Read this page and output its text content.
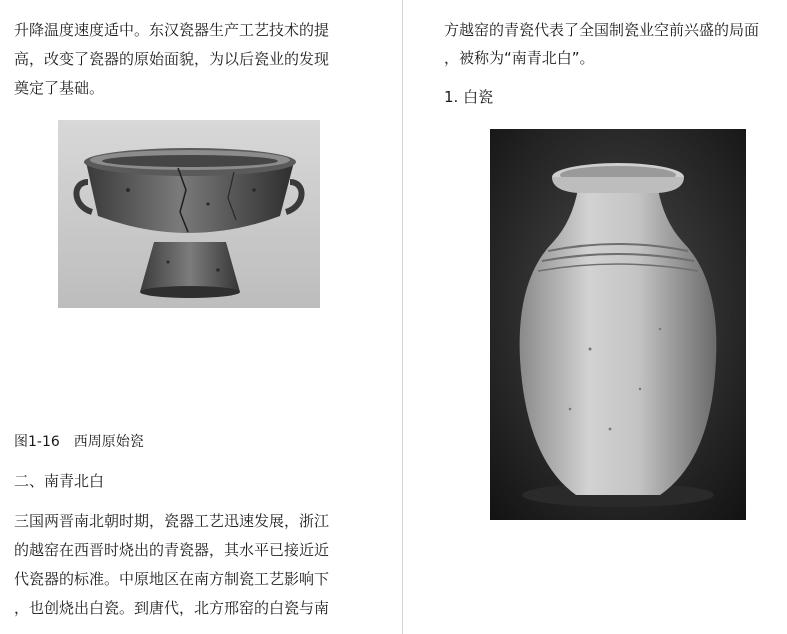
升降温度速度适中。东汉瓷器生产工艺技术的提
高，改变了瓷器的原始面貌，为以后瓷业的发现
奠定了基础。
图1-16　西周原始瓷
二、南青北白
三国两晋南北朝时期，瓷器工艺迅速发展，浙江
的越窑在西晋时烧出的青瓷器，其水平已接近近
代瓷器的标准。中原地区在南方制瓷工艺影响下
，也创烧出白瓷。到唐代，北方邢窑的白瓷与南
方越窑的青瓷代表了全国制瓷业空前兴盛的局面
，被称为“南青北白”。
1. 白瓷
